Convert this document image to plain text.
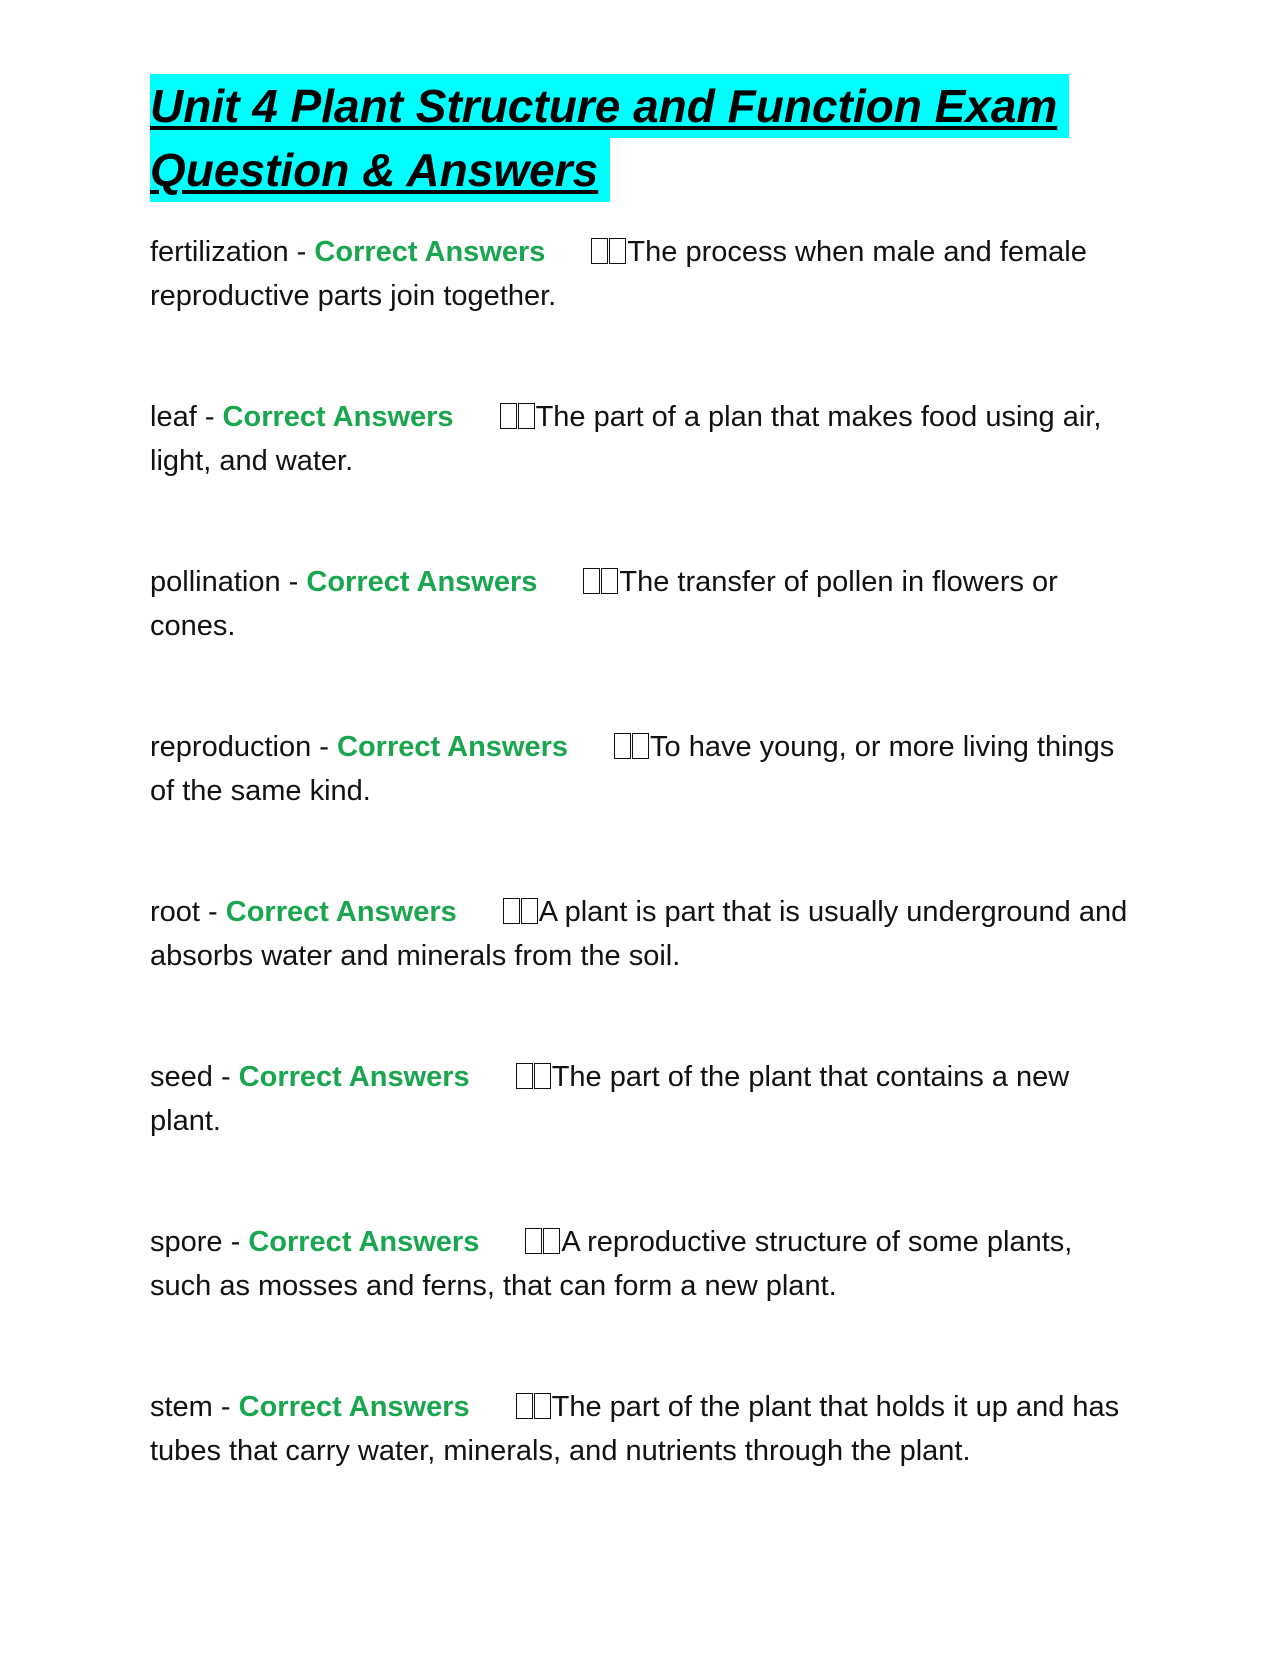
Unit 4 Plant Structure and Function Exam
Question & Answers
fertilization - Correct Answers	The process when male and female reproductive parts join together.
leaf - Correct Answers	The part of a plan that makes food using air, light, and water.
pollination - Correct Answers	The transfer of pollen in flowers or cones.
reproduction - Correct Answers	To have young, or more living things of the same kind.
root - Correct Answers	A plant is part that is usually underground and absorbs water and minerals from the soil.
seed - Correct Answers	The part of the plant that contains a new plant.
spore - Correct Answers	A reproductive structure of some plants, such as mosses and ferns, that can form a new plant.
stem - Correct Answers	The part of the plant that holds it up and has tubes that carry water, minerals, and nutrients through the plant.
